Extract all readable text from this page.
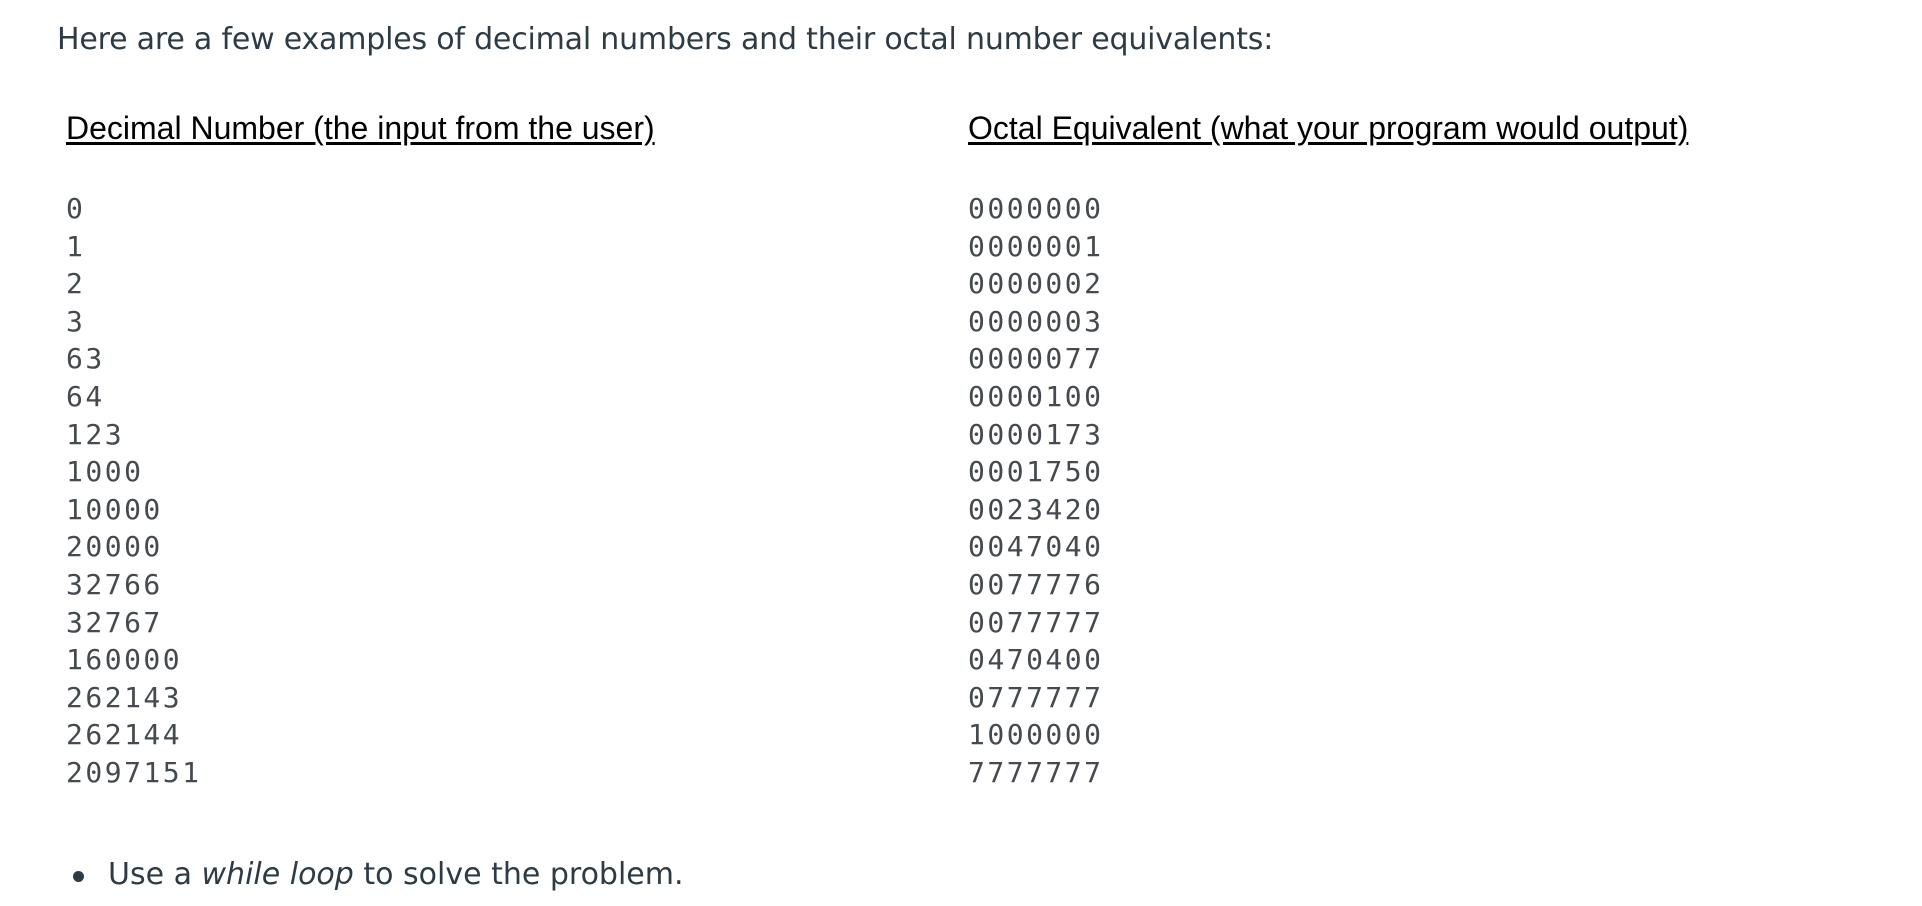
Here are a few examples of decimal numbers and their octal number equivalents:
Decimal Number (the input from the user)
0
1
2
3
63
64
123
1000
10000
20000
32766
32767
160000
262143
262144
2097151
Octal Equivalent (what your program would output)
0000000
0000001
0000002
0000003
0000077
0000100
0000173
0001750
0023420
0047040
0077776
0077777
0470400
0777777
1000000
7777777
Use a while loop to solve the problem.
